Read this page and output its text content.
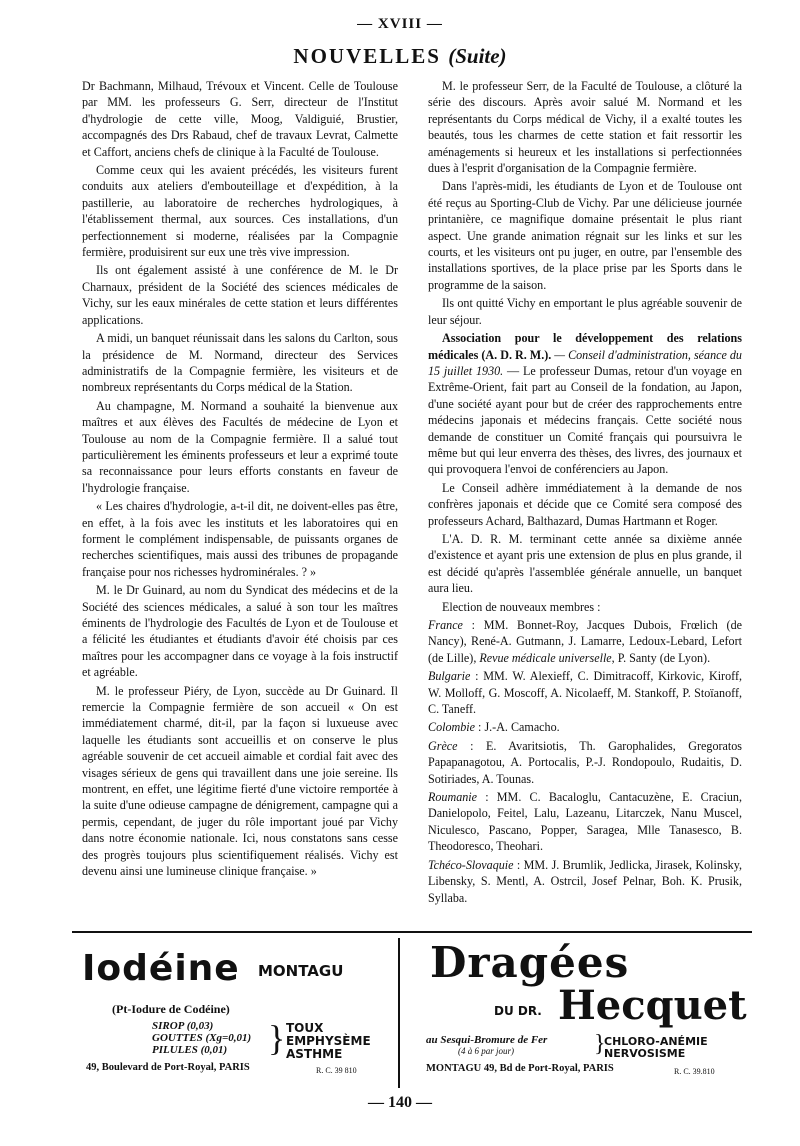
— XVIII —
NOUVELLES (Suite)

Dr Bachmann, Milhaud, Trévoux et Vincent. Celle de Toulouse par MM. les professeurs G. Serr, directeur de l'Institut d'hydrologie de cette ville, Moog, Valdiguié, Brustier, accompagnés des Drs Rabaud, chef de travaux Levrat, Calmette et Caffort, anciens chefs de clinique à la Faculté de Toulouse.

Comme ceux qui les avaient précédés, les visiteurs furent conduits aux ateliers d'embouteillage et d'expédition, à la pastillerie, au laboratoire de recherches hydrologiques, à l'établissement thermal, aux sources. Ces installations, d'un perfectionnement si moderne, réalisées par la Compagnie fermière, produisirent sur eux une très vive impression.

Ils ont également assisté à une conférence de M. le Dr Charnaux, président de la Société des sciences médicales de Vichy, sur les eaux minérales de cette station et leurs différentes applications.

A midi, un banquet réunissait dans les salons du Carlton, sous la présidence de M. Normand, directeur des Services administratifs de la Compagnie fermière, les visiteurs et de nombreux représentants du Corps médical de la Station.

Au champagne, M. Normand a souhaité la bienvenue aux maîtres et aux élèves des Facultés de médecine de Lyon et Toulouse au nom de la Compagnie fermière. Il a salué tout particulièrement les éminents professeurs et leur a exprimé toute sa reconnaissance pour leurs efforts constants en faveur de l'hydrologie française.

« Les chaires d'hydrologie, a-t-il dit, ne doivent-elles pas être, en effet, à la fois avec les instituts et les laboratoires qui en forment le complément indispensable, de puissants organes de recherches scientifiques, mais aussi des tribunes de propagande française pour nos richesses hydrominérales. ? »

M. le Dr Guinard, au nom du Syndicat des médecins et de la Société des sciences médicales, a salué à son tour les maîtres éminents de l'hydrologie des Facultés de Lyon et de Toulouse et a félicité les étudiantes et étudiants d'avoir été choisis par ces maîtres pour les accompagner dans ce voyage à la fois instructif et agréable.

M. le professeur Piéry, de Lyon, succède au Dr Guinard. Il remercie la Compagnie fermière de son accueil « On est immédiatement charmé, dit-il, par la façon si luxueuse avec laquelle les étudiants sont accueillis et on conserve le plus agréable souvenir de cet accueil aimable et cordial fait avec des visages sérieux de gens qui travaillent dans une joie sereine. Ils montrent, en effet, une légitime fierté d'une victoire remportée à la suite d'une odieuse campagne de dénigrement, campagne qui a permis, cependant, de juger du rôle important joué par Vichy dans notre économie nationale. Ici, nous constatons sans cesse des progrès toujours plus scientifiquement réalisés. Vichy est devenu ainsi une lumineuse clinique française. »

M. le professeur Serr, de la Faculté de Toulouse, a clôturé la série des discours. Après avoir salué M. Normand et les représentants du Corps médical de Vichy, il a exalté toutes les beautés, tous les charmes de cette station et fait ressortir les aménagements si heureux et les installations si perfectionnées dues à l'esprit d'organisation de la Compagnie fermière.

Dans l'après-midi, les étudiants de Lyon et de Toulouse ont été reçus au Sporting-Club de Vichy. Par une délicieuse journée printanière, ce magnifique domaine présentait le plus riant aspect. Une grande animation régnait sur les links et sur les courts, et les visiteurs ont pu juger, en outre, par l'ensemble des installations sportives, de la place prise par les Sports dans le programme de la saison.

Ils ont quitté Vichy en emportant le plus agréable souvenir de leur séjour.

Association pour le développement des relations médicales (A. D. R. M.). — Conseil d'administration, séance du 15 juillet 1930. — Le professeur Dumas, retour d'un voyage en Extrême-Orient, fait part au Conseil de la fondation, au Japon, d'une société ayant pour but de créer des rapprochements entre médecins japonais et médecins français. Cette société nous demande de constituer un Comité français qui poursuivra le même but qui leur enverra des thèses, des livres, des journaux et qui provoquera l'envoi de conférenciers au Japon.

Le Conseil adhère immédiatement à la demande de nos confrères japonais et décide que ce Comité sera composé des professeurs Achard, Balthazard, Dumas Hartmann et Roger.

L'A. D. R. M. terminant cette année sa dixième année d'existence et ayant pris une extension de plus en plus grande, il est décidé qu'après l'assemblée générale annuelle, un banquet aura lieu.

Election de nouveaux membres :

France : MM. Bonnet-Roy, Jacques Dubois, Frœlich (de Nancy), René-A. Gutmann, J. Lamarre, Ledoux-Lebard, Lefort (de Lille), Revue médicale universelle, P. Santy (de Lyon).

Bulgarie : MM. W. Alexieff, C. Dimitracoff, Kirkovic, Kiroff, W. Molloff, G. Moscoff, A. Nicolaeff, M. Stankoff, P. Stoïanoff, C. Taneff.

Colombie : J.-A. Camacho.

Grèce : E. Avaritsiotis, Th. Garophalides, Gregoratos Papapanagotou, A. Portocalis, P.-J. Rondopoulo, Rudaitis, D. Sotiriades, A. Tounas.

Roumanie : MM. C. Bacaloglu, Cantacuzène, E. Craciun, Danielopolo, Feitel, Lalu, Lazeanu, Litarczek, Nanu Muscel, Niculesco, Pascano, Popper, Saragea, Mlle Tanasesco, B. Theodoresco, Theohari.

Tchéco-Slovaquie : MM. J. Brumlik, Jedlicka, Jirasek, Kolinsky, Libensky, S. Mentl, A. Ostrcil, Josef Pelnar, Boh. K. Prusik, Syllaba.

Iodéine MONTAGU
(Pt-Iodure de Codéine)
SIROP (0,03)
GOUTTES (Xg=0,01)
PILULES (0,01)	} TOUX
EMPHYSÈME
ASTHME
49, Boulevard de Port-Royal, PARIS	R. C. 39 810
Dragées
DU DR. Hecquet
au Sesqui-Bromure de Fer
(4 à 6 par jour)	}
CHLORO-ANÉMIE
NERVOSISME
MONTAGU 49, Bd de Port-Royal, PARIS	R. C. 39.810
— 140 —
